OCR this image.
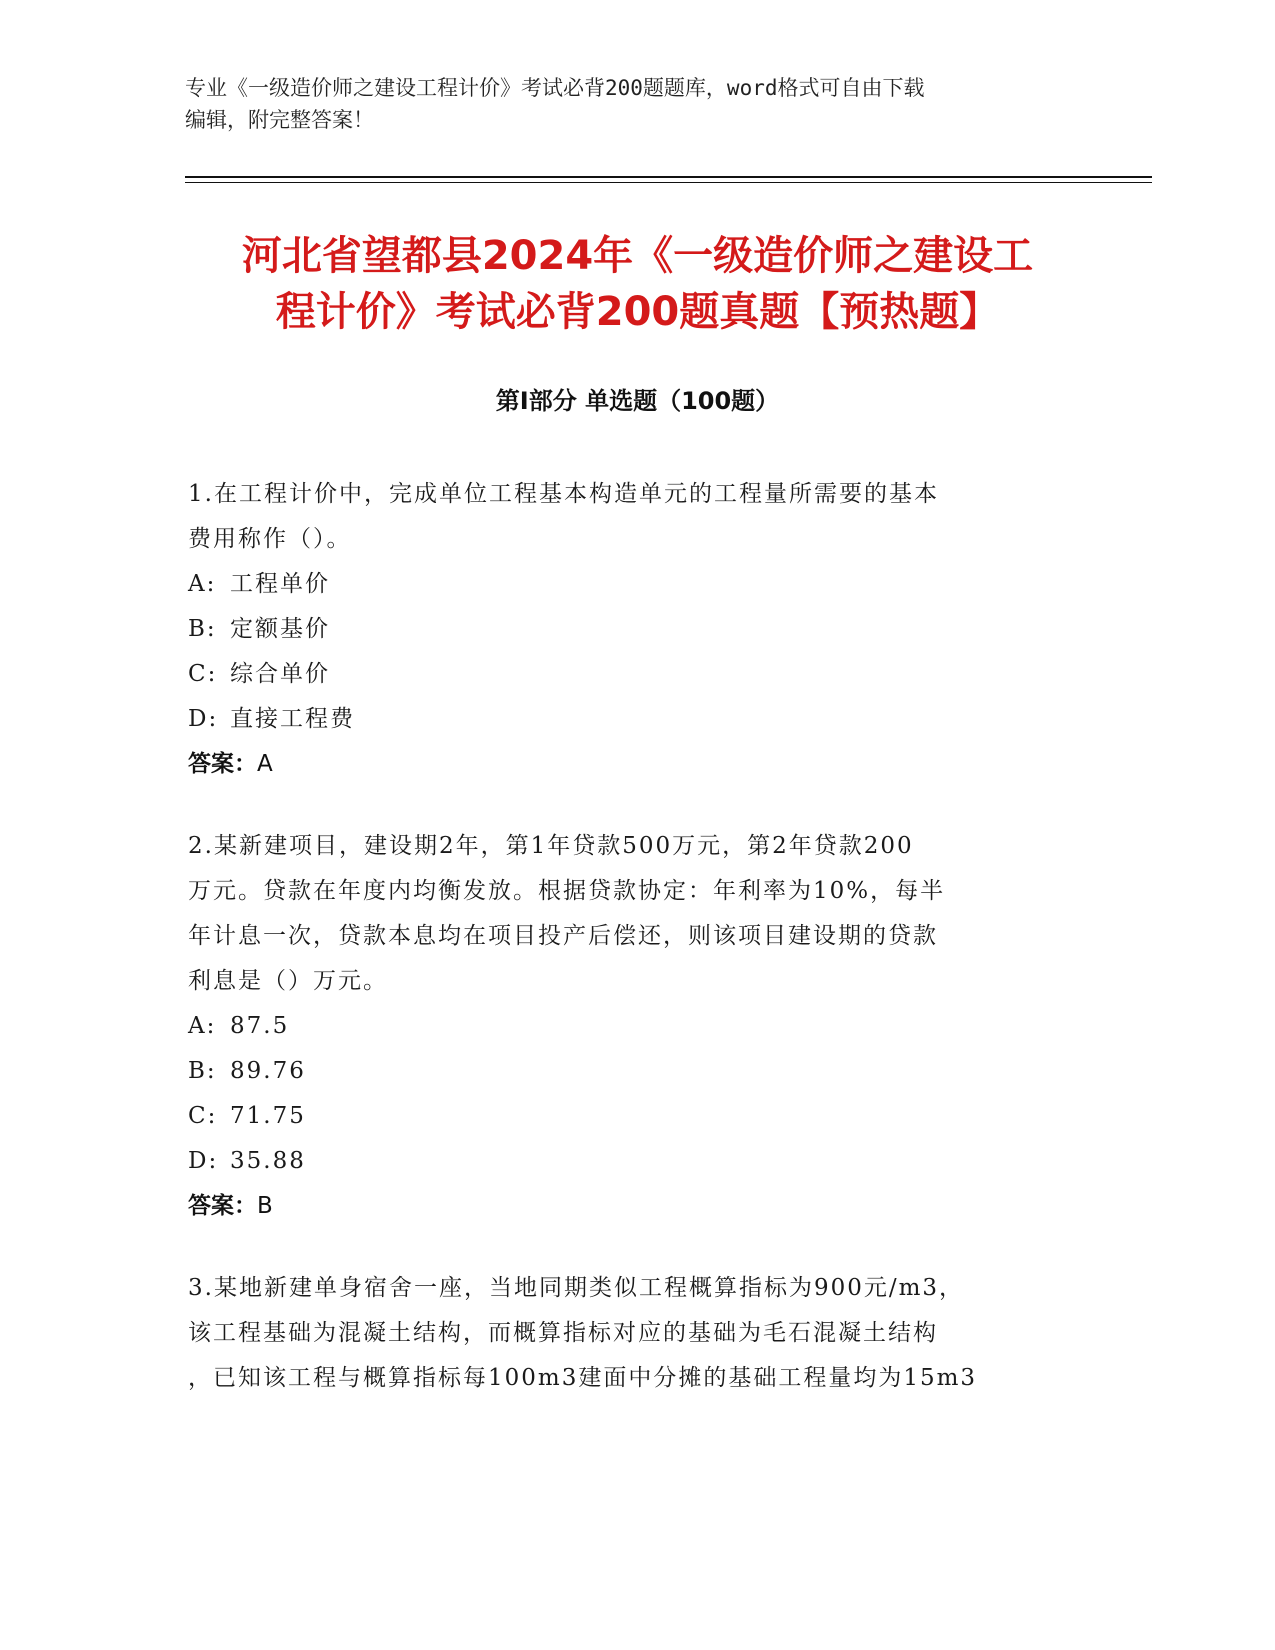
专业《一级造价师之建设工程计价》考试必背200题题库，word格式可自由下载
编辑，附完整答案！
河北省望都县2024年《一级造价师之建设工
程计价》考试必背200题真题【预热题】
第Ⅰ部分 单选题（100题）
1.在工程计价中，完成单位工程基本构造单元的工程量所需要的基本
费用称作（）。
A: 工程单价
B: 定额基价
C: 综合单价
D: 直接工程费
答案：A
2.某新建项目，建设期2年，第1年贷款500万元，第2年贷款200
万元。贷款在年度内均衡发放。根据贷款协定：年利率为10%，每半
年计息一次，贷款本息均在项目投产后偿还，则该项目建设期的贷款
利息是（）万元。
A: 87.5
B: 89.76
C: 71.75
D: 35.88
答案：B
3.某地新建单身宿舍一座，当地同期类似工程概算指标为900元/m3，
该工程基础为混凝土结构，而概算指标对应的基础为毛石混凝土结构
，已知该工程与概算指标每100m3建面中分摊的基础工程量均为15m3
